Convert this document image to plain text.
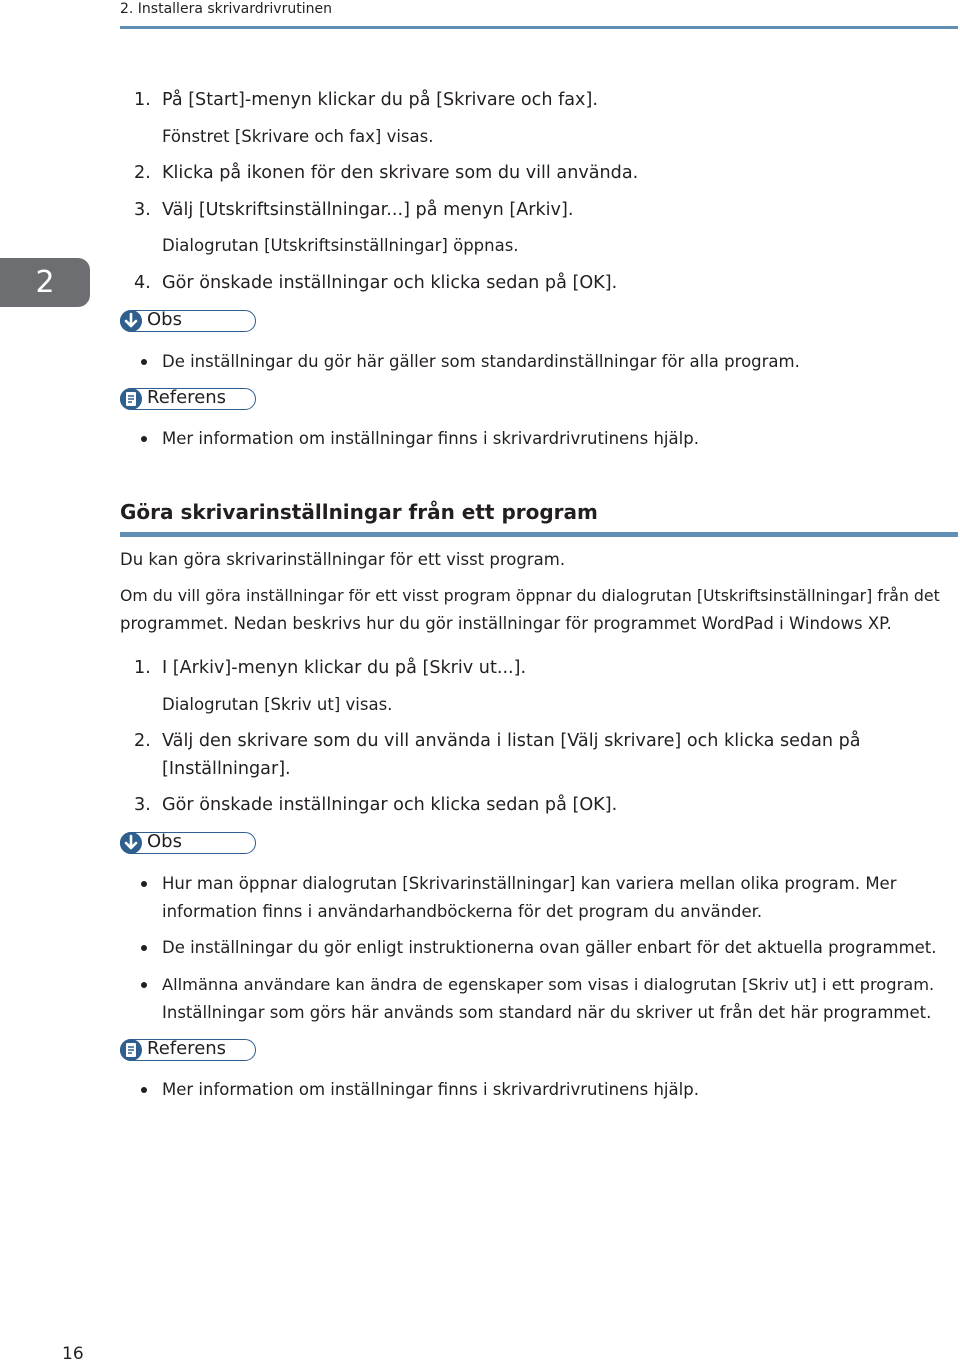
2. Installera skrivardrivrutinen
2
1. På [Start]-menyn klickar du på [Skrivare och fax].
Fönstret [Skrivare och fax] visas.
2. Klicka på ikonen för den skrivare som du vill använda.
3. Välj [Utskriftsinställningar...] på menyn [Arkiv].
Dialogrutan [Utskriftsinställningar] öppnas.
4. Gör önskade inställningar och klicka sedan på [OK].
Obs
De inställningar du gör här gäller som standardinställningar för alla program.
Referens
Mer information om inställningar finns i skrivardrivrutinens hjälp.
Göra skrivarinställningar från ett program
Du kan göra skrivarinställningar för ett visst program.
Om du vill göra inställningar för ett visst program öppnar du dialogrutan [Utskriftsinställningar] från det
programmet. Nedan beskrivs hur du gör inställningar för programmet WordPad i Windows XP.
1. I [Arkiv]-menyn klickar du på [Skriv ut...].
Dialogrutan [Skriv ut] visas.
2. Välj den skrivare som du vill använda i listan [Välj skrivare] och klicka sedan på
[Inställningar].
3. Gör önskade inställningar och klicka sedan på [OK].
Obs
Hur man öppnar dialogrutan [Skrivarinställningar] kan variera mellan olika program. Mer
information finns i användarhandböckerna för det program du använder.
De inställningar du gör enligt instruktionerna ovan gäller enbart för det aktuella programmet.
Allmänna användare kan ändra de egenskaper som visas i dialogrutan [Skriv ut] i ett program.
Inställningar som görs här används som standard när du skriver ut från det här programmet.
Referens
Mer information om inställningar finns i skrivardrivrutinens hjälp.
16
